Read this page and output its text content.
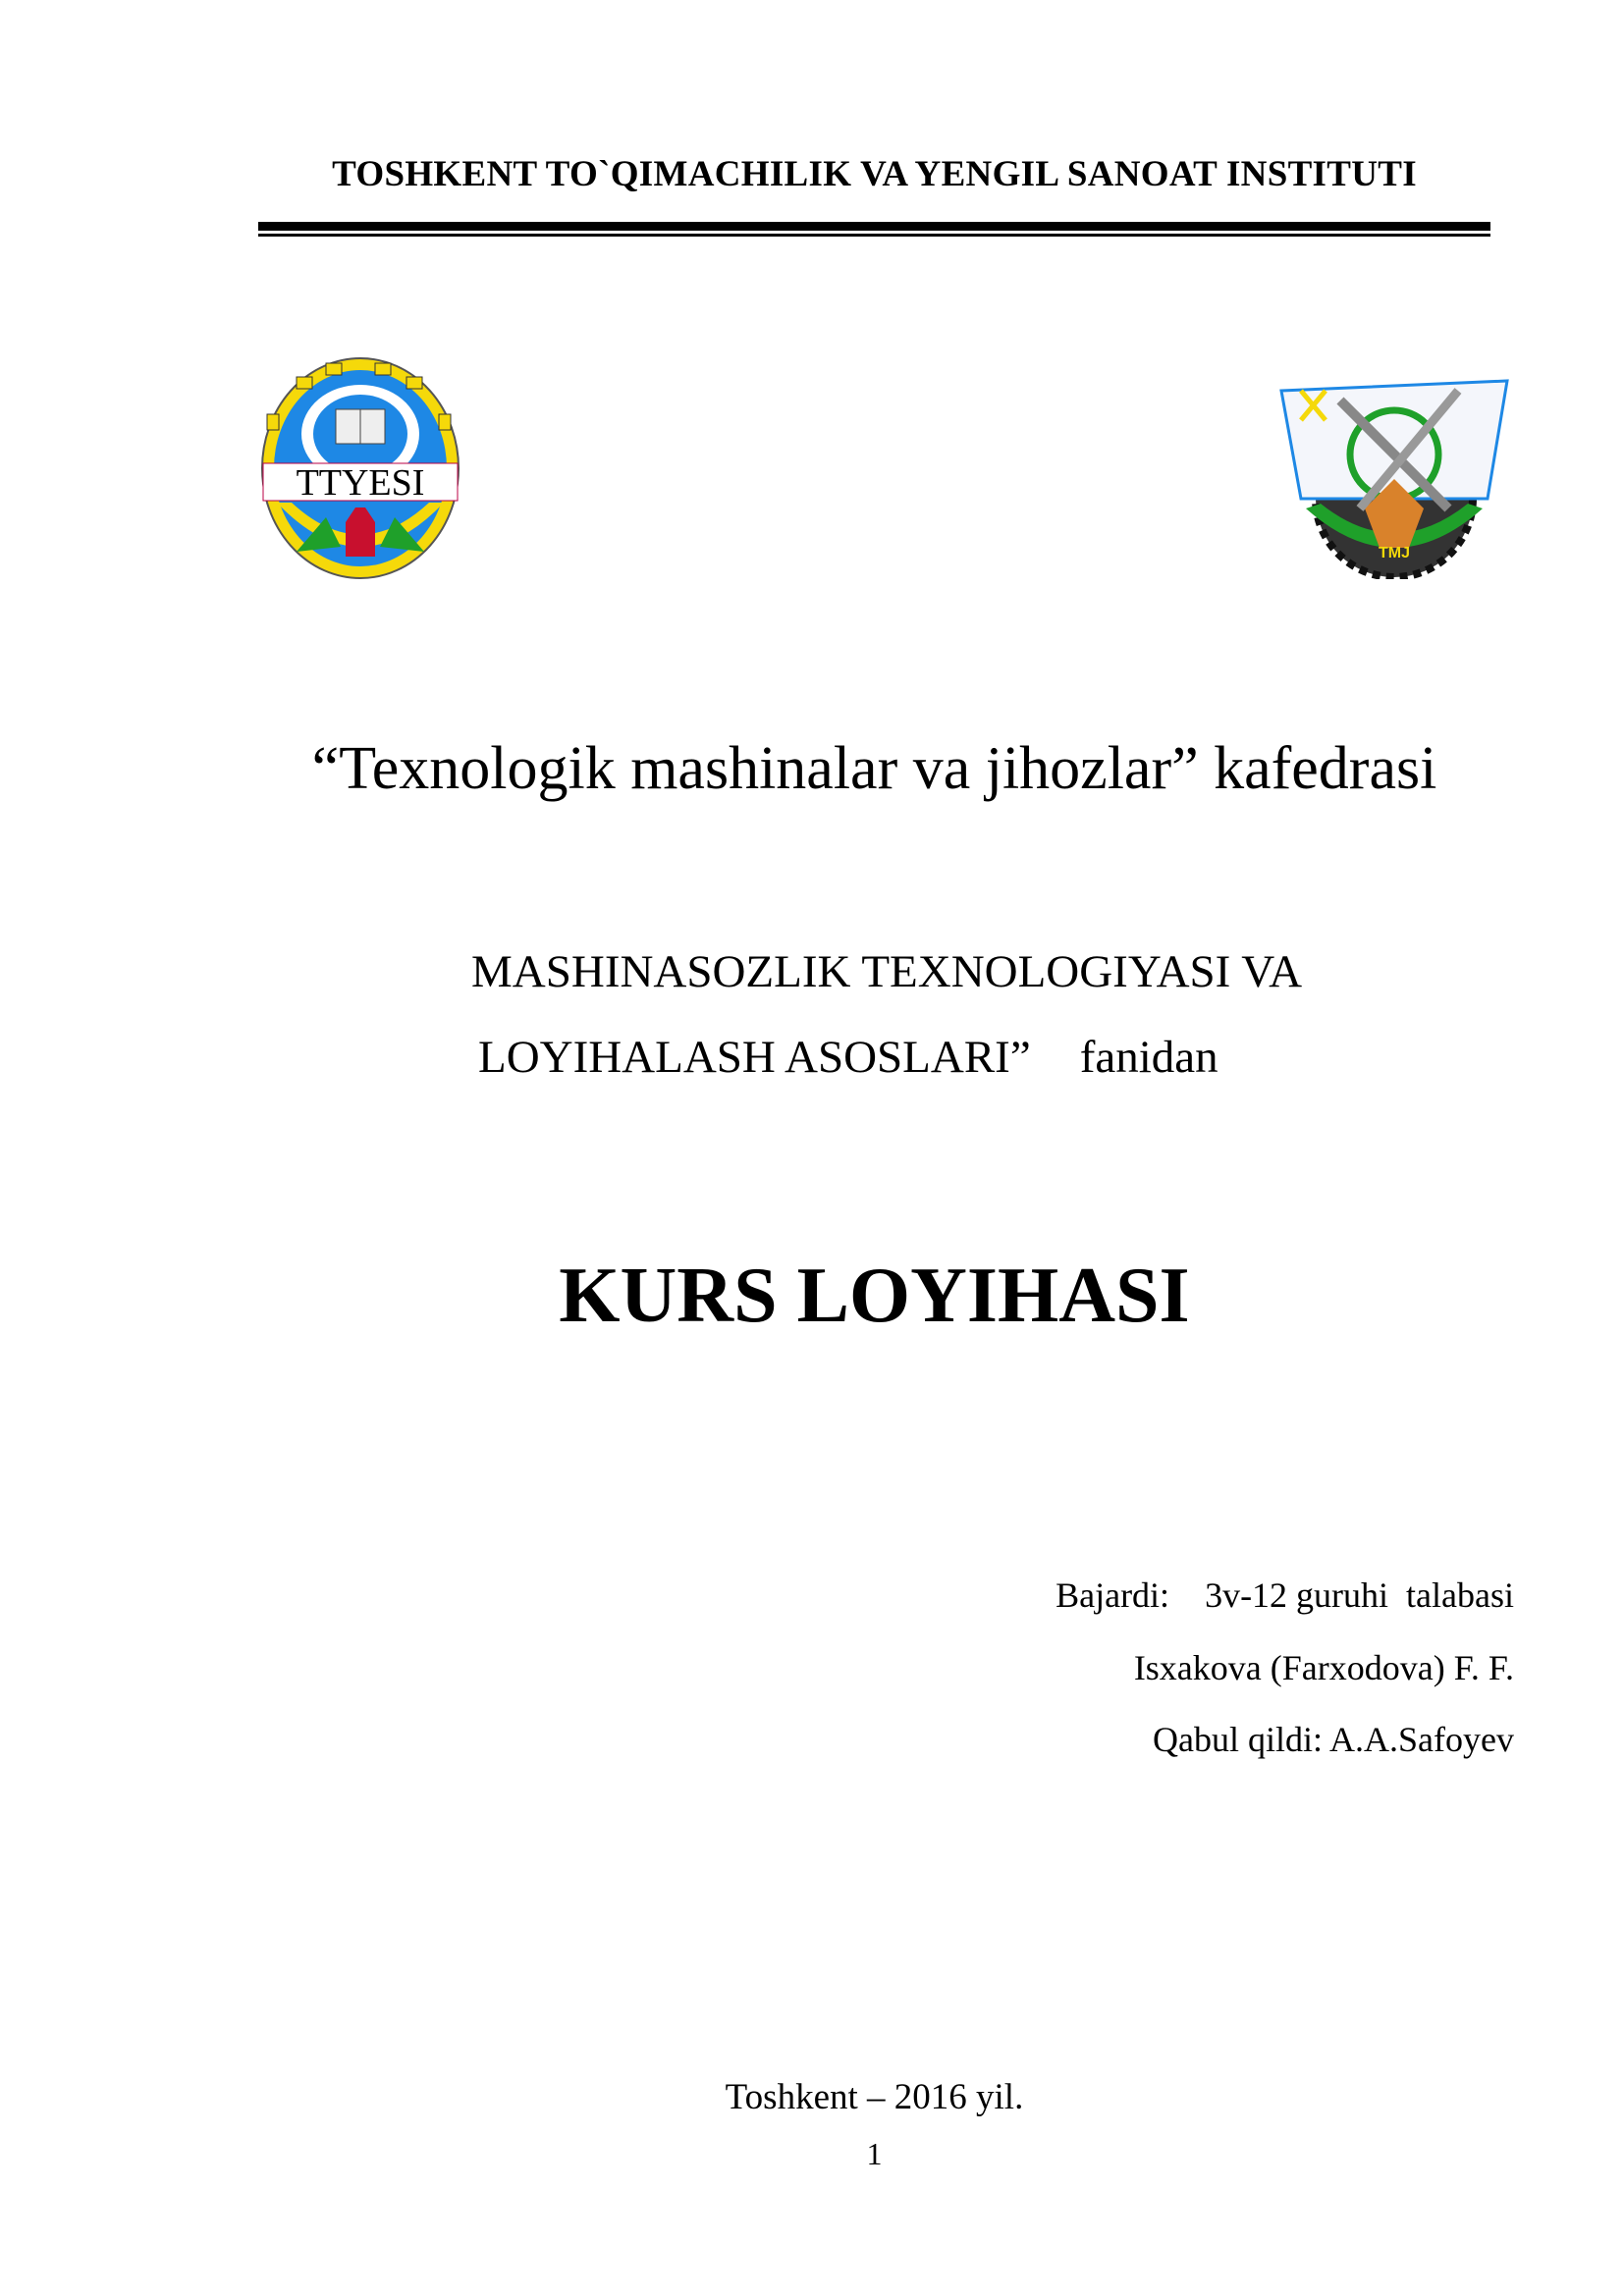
TOSHKENT TO`QIMACHILIK VA YENGIL SANOAT INSTITUTI
TTYESI
TMJ
“Texnologik mashinalar va jihozlar” kafedrasi
MASHINASOZLIK TEXNOLOGIYASI VA
LOYIHALASH ASOSLARI” fanidan
KURS LOYIHASI
Bajardi: 3v-12 guruhi  talabasi
Isxakova (Farxodova) F. F.
Qabul qildi: A.A.Safoyev
Toshkent – 2016 yil.
1
